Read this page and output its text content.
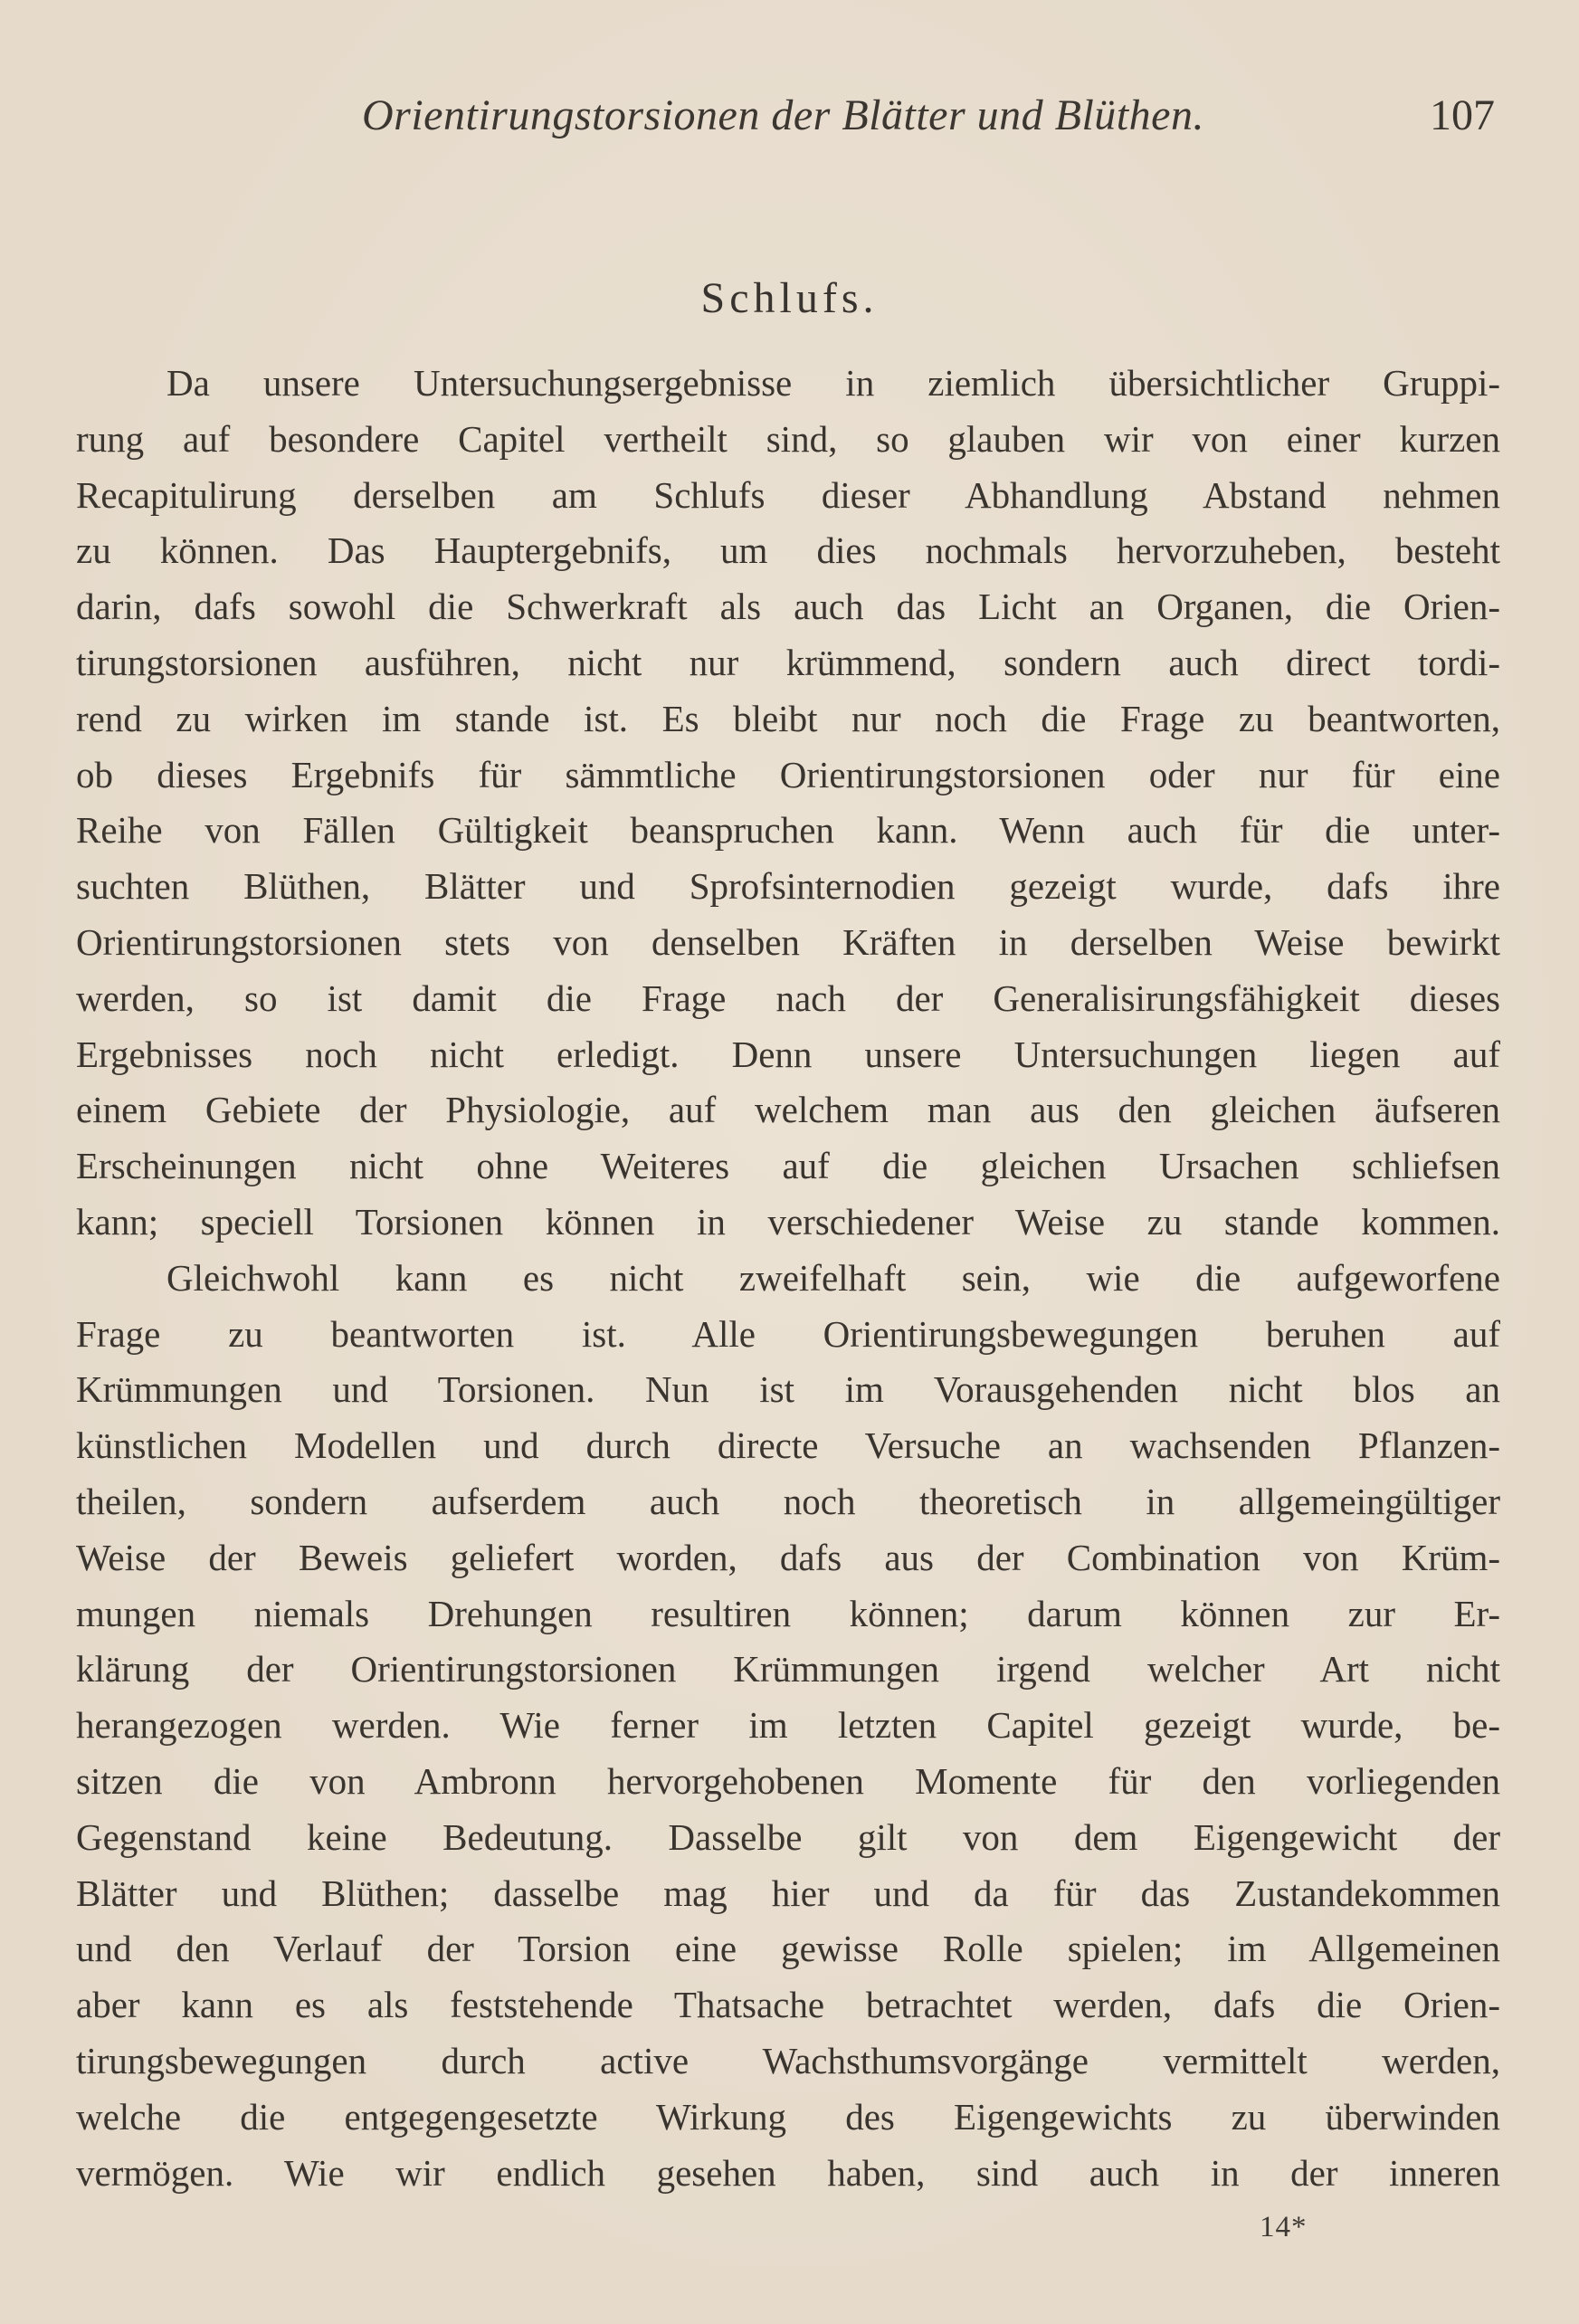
Orientirungstorsionen der Blätter und Blüthen.	107
Schlufs.
Da unsere Untersuchungsergebnisse in ziemlich übersichtlicher Gruppi-
rung auf besondere Capitel vertheilt sind, so glauben wir von einer kurzen
Recapitulirung derselben am Schlufs dieser Abhandlung Abstand nehmen
zu können. Das Hauptergebnifs, um dies nochmals hervorzuheben, besteht
darin, dafs sowohl die Schwerkraft als auch das Licht an Organen, die Orien-
tirungstorsionen ausführen, nicht nur krümmend, sondern auch direct tordi-
rend zu wirken im stande ist. Es bleibt nur noch die Frage zu beantworten,
ob dieses Ergebnifs für sämmtliche Orientirungstorsionen oder nur für eine
Reihe von Fällen Gültigkeit beanspruchen kann. Wenn auch für die unter-
suchten Blüthen, Blätter und Sprofsinternodien gezeigt wurde, dafs ihre
Orientirungstorsionen stets von denselben Kräften in derselben Weise bewirkt
werden, so ist damit die Frage nach der Generalisirungsfähigkeit dieses
Ergebnisses noch nicht erledigt. Denn unsere Untersuchungen liegen auf
einem Gebiete der Physiologie, auf welchem man aus den gleichen äufseren
Erscheinungen nicht ohne Weiteres auf die gleichen Ursachen schliefsen
kann; speciell Torsionen können in verschiedener Weise zu stande kommen.
Gleichwohl kann es nicht zweifelhaft sein, wie die aufgeworfene
Frage zu beantworten ist. Alle Orientirungsbewegungen beruhen auf
Krümmungen und Torsionen. Nun ist im Vorausgehenden nicht blos an
künstlichen Modellen und durch directe Versuche an wachsenden Pflanzen-
theilen, sondern aufserdem auch noch theoretisch in allgemeingültiger
Weise der Beweis geliefert worden, dafs aus der Combination von Krüm-
mungen niemals Drehungen resultiren können; darum können zur Er-
klärung der Orientirungstorsionen Krümmungen irgend welcher Art nicht
herangezogen werden. Wie ferner im letzten Capitel gezeigt wurde, be-
sitzen die von Ambronn hervorgehobenen Momente für den vorliegenden
Gegenstand keine Bedeutung. Dasselbe gilt von dem Eigengewicht der
Blätter und Blüthen; dasselbe mag hier und da für das Zustandekommen
und den Verlauf der Torsion eine gewisse Rolle spielen; im Allgemeinen
aber kann es als feststehende Thatsache betrachtet werden, dafs die Orien-
tirungsbewegungen durch active Wachsthumsvorgänge vermittelt werden,
welche die entgegengesetzte Wirkung des Eigengewichts zu überwinden
vermögen. Wie wir endlich gesehen haben, sind auch in der inneren
14*
